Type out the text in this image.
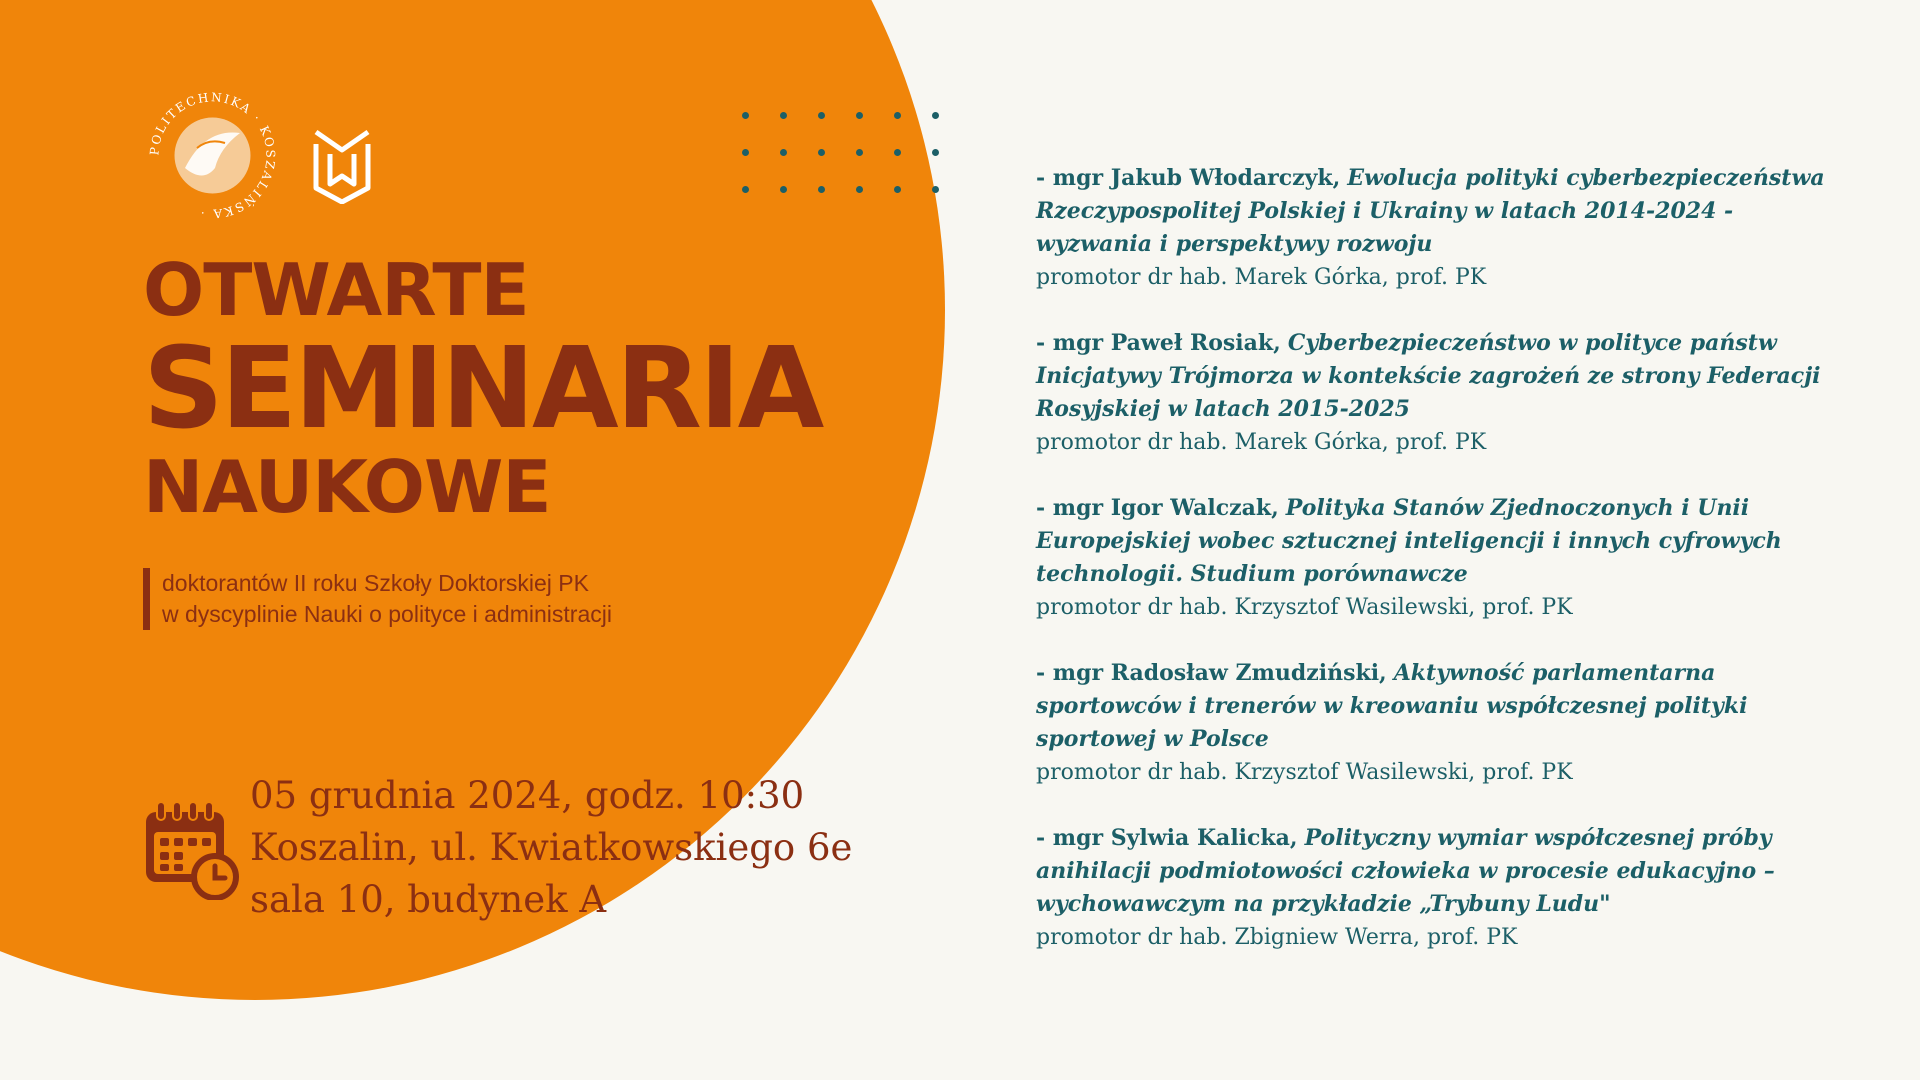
POLITECHNIKA · KOSZALIŃSKA ·
OTWARTE
SEMINARIA
NAUKOWE
doktorantów II roku Szkoły Doktorskiej PK
w dyscyplinie Nauki o polityce i administracji
05 grudnia 2024, godz. 10:30
Koszalin, ul. Kwiatkowskiego 6e
sala 10, budynek A
- mgr Jakub Włodarczyk, Ewolucja polityki cyberbezpieczeństwa Rzeczypospolitej Polskiej i Ukrainy w latach 2014-2024 - wyzwania i perspektywy rozwoju
promotor dr hab. Marek Górka, prof. PK
- mgr Paweł Rosiak, Cyberbezpieczeństwo w polityce państw Inicjatywy Trójmorza w kontekście zagrożeń ze strony Federacji Rosyjskiej w latach 2015-2025
promotor dr hab. Marek Górka, prof. PK
- mgr Igor Walczak, Polityka Stanów Zjednoczonych i Unii Europejskiej wobec sztucznej inteligencji i innych cyfrowych technologii. Studium porównawcze
promotor dr hab. Krzysztof Wasilewski, prof. PK
- mgr Radosław Zmudziński, Aktywność parlamentarna sportowców i trenerów w kreowaniu współczesnej polityki sportowej w Polsce
promotor dr hab. Krzysztof Wasilewski, prof. PK
- mgr Sylwia Kalicka, Polityczny wymiar współczesnej próby anihilacji podmiotowości człowieka w procesie edukacyjno – wychowawczym na przykładzie „Trybuny Ludu"
promotor dr hab. Zbigniew Werra, prof. PK
